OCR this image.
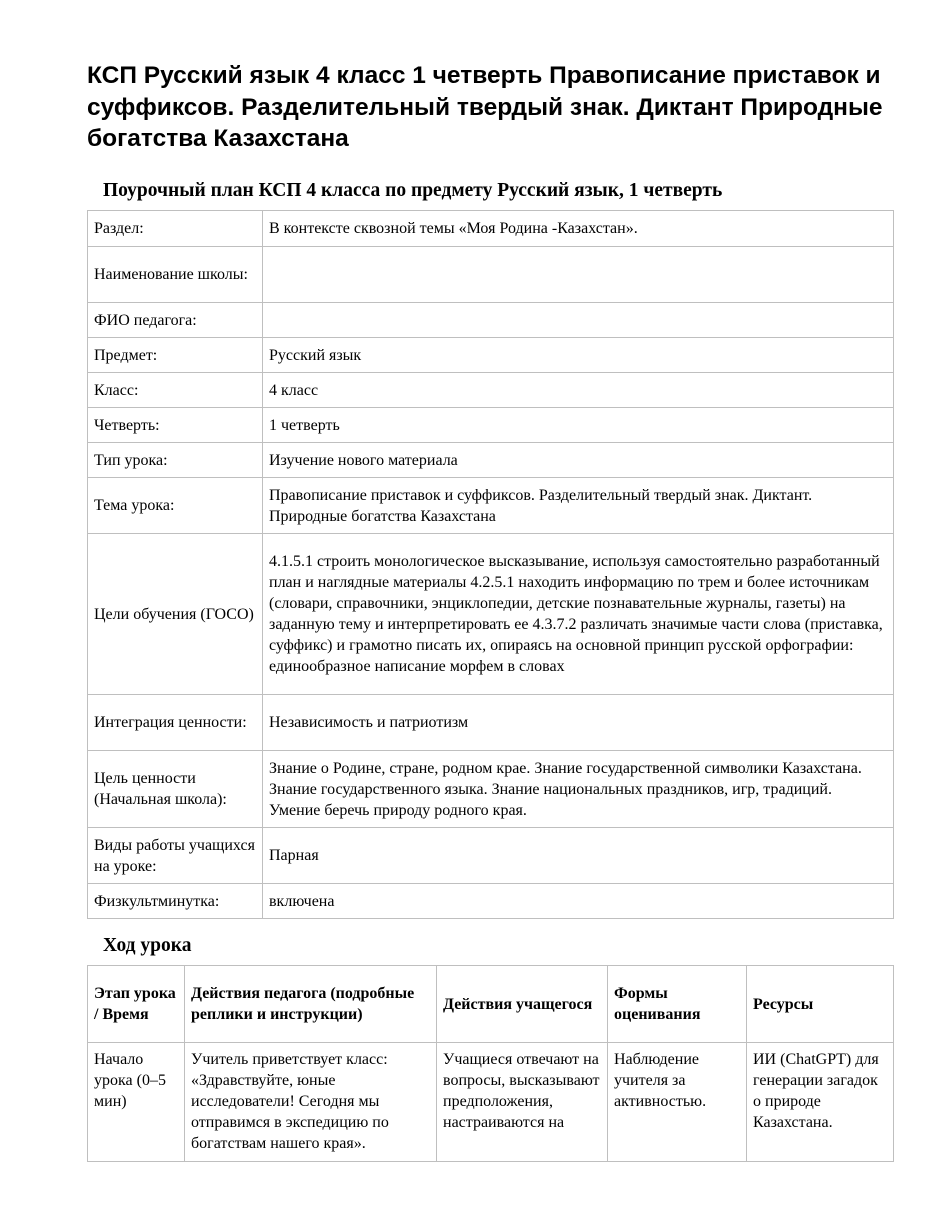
КСП Русский язык 4 класс 1 четверть Правописание приставок и суффиксов. Разделительный твердый знак. Диктант Природные богатства Казахстана
Поурочный план КСП 4 класса по предмету Русский язык, 1 четверть
Раздел:	В контексте сквозной темы «Моя Родина -Казахстан».
Наименование школы:	
ФИО педагога:	
Предмет:	Русский язык
Класс:	4 класс
Четверть:	1 четверть
Тип урока:	Изучение нового материала
Тема урока:	Правописание приставок и суффиксов. Разделительный твердый знак. Диктант. Природные богатства Казахстана
Цели обучения (ГОСО)	4.1.5.1 строить монологическое высказывание, используя самостоятельно разработанный план и наглядные материалы 4.2.5.1 находить информацию по трем и более источникам (словари, справочники, энциклопедии, детские познавательные журналы, газеты) на заданную тему и интерпретировать ее 4.3.7.2 различать значимые части слова (приставка, суффикс) и грамотно писать их, опираясь на основной принцип русской орфографии: единообразное написание морфем в словах
Интеграция ценности:	Независимость и патриотизм
Цель ценности (Начальная школа):	Знание о Родине, стране, родном крае. Знание государственной символики Казахстана. Знание государственного языка. Знание национальных праздников, игр, традиций. Умение беречь природу родного края.
Виды работы учащихся на уроке:	Парная
Физкультминутка:	включена
Ход урока
Этап урока / Время	Действия педагога (подробные реплики и инструкции)	Действия учащегося	Формы оценивания	Ресурсы

Начало урока (0–5 мин)	Учитель приветствует класс: «Здравствуйте, юные исследователи! Сегодня мы отправимся в экспедицию по богатствам нашего края».	Учащиеся отвечают на вопросы, высказывают предположения, настраиваются на	Наблюдение учителя за активностью.	ИИ (ChatGPT) для генерации загадок о природе Казахстана.
